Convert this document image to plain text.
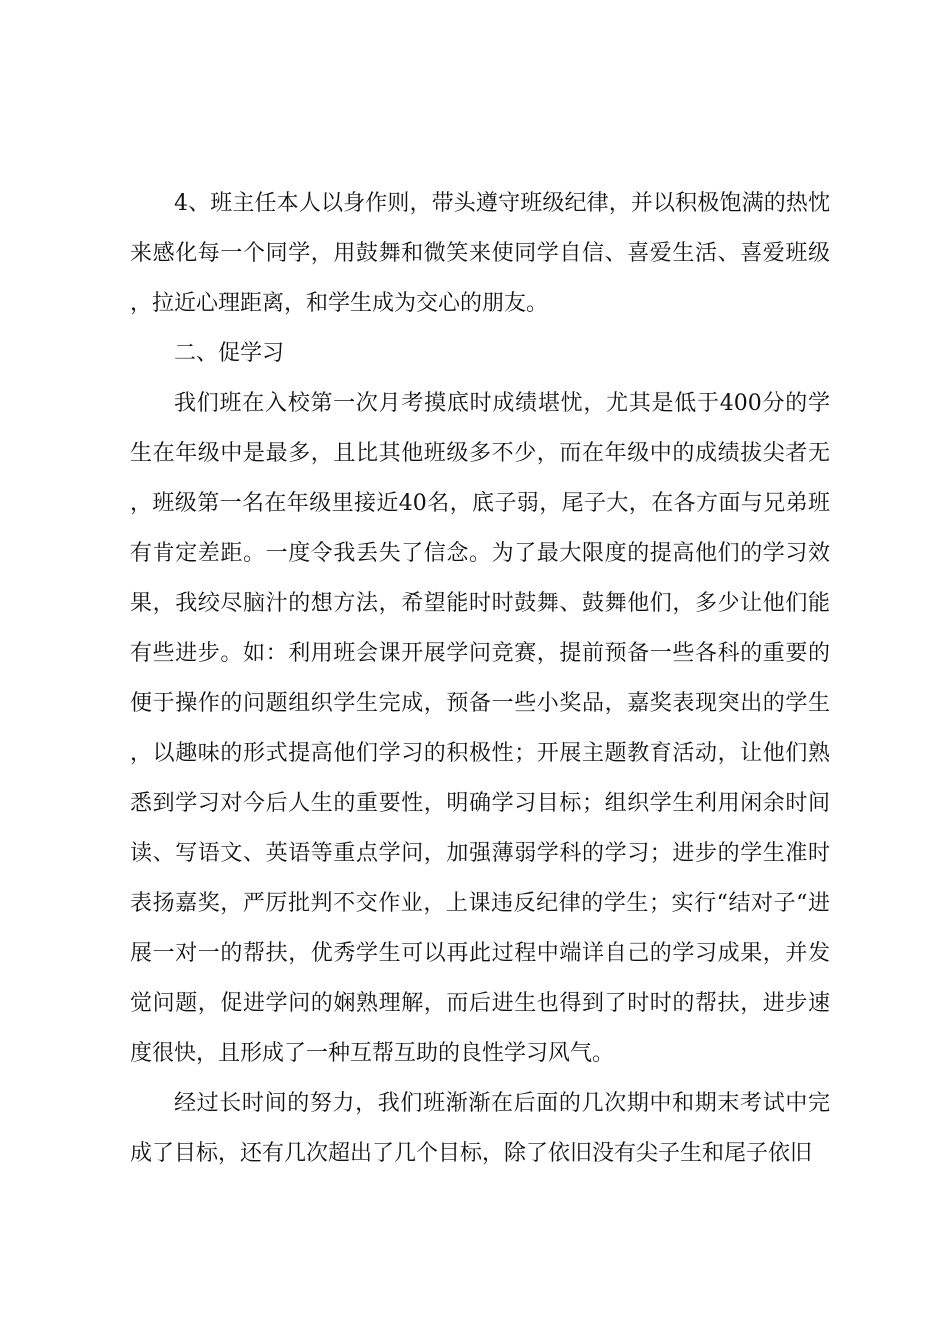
4、班主任本人以身作则，带头遵守班级纪律，并以积极饱满的热忱来感化每一个同学，用鼓舞和微笑来使同学自信、喜爱生活、喜爱班级，拉近心理距离，和学生成为交心的朋友。

二、促学习

我们班在入校第一次月考摸底时成绩堪忧，尤其是低于400分的学生在年级中是最多，且比其他班级多不少，而在年级中的成绩拔尖者无，班级第一名在年级里接近40名，底子弱，尾子大，在各方面与兄弟班有肯定差距。一度令我丢失了信念。为了最大限度的提高他们的学习效果，我绞尽脑汁的想方法，希望能时时鼓舞、鼓舞他们，多少让他们能有些进步。如：利用班会课开展学问竞赛，提前预备一些各科的重要的便于操作的问题组织学生完成，预备一些小奖品，嘉奖表现突出的学生，以趣味的形式提高他们学习的积极性；开展主题教育活动，让他们熟悉到学习对今后人生的重要性，明确学习目标；组织学生利用闲余时间读、写语文、英语等重点学问，加强薄弱学科的学习；进步的学生准时表扬嘉奖，严厉批判不交作业，上课违反纪律的学生；实行“结对子“进展一对一的帮扶，优秀学生可以再此过程中端详自己的学习成果，并发觉问题，促进学问的娴熟理解，而后进生也得到了时时的帮扶，进步速度很快，且形成了一种互帮互助的良性学习风气。

经过长时间的努力，我们班渐渐在后面的几次期中和期末考试中完成了目标，还有几次超出了几个目标，除了依旧没有尖子生和尾子依旧
